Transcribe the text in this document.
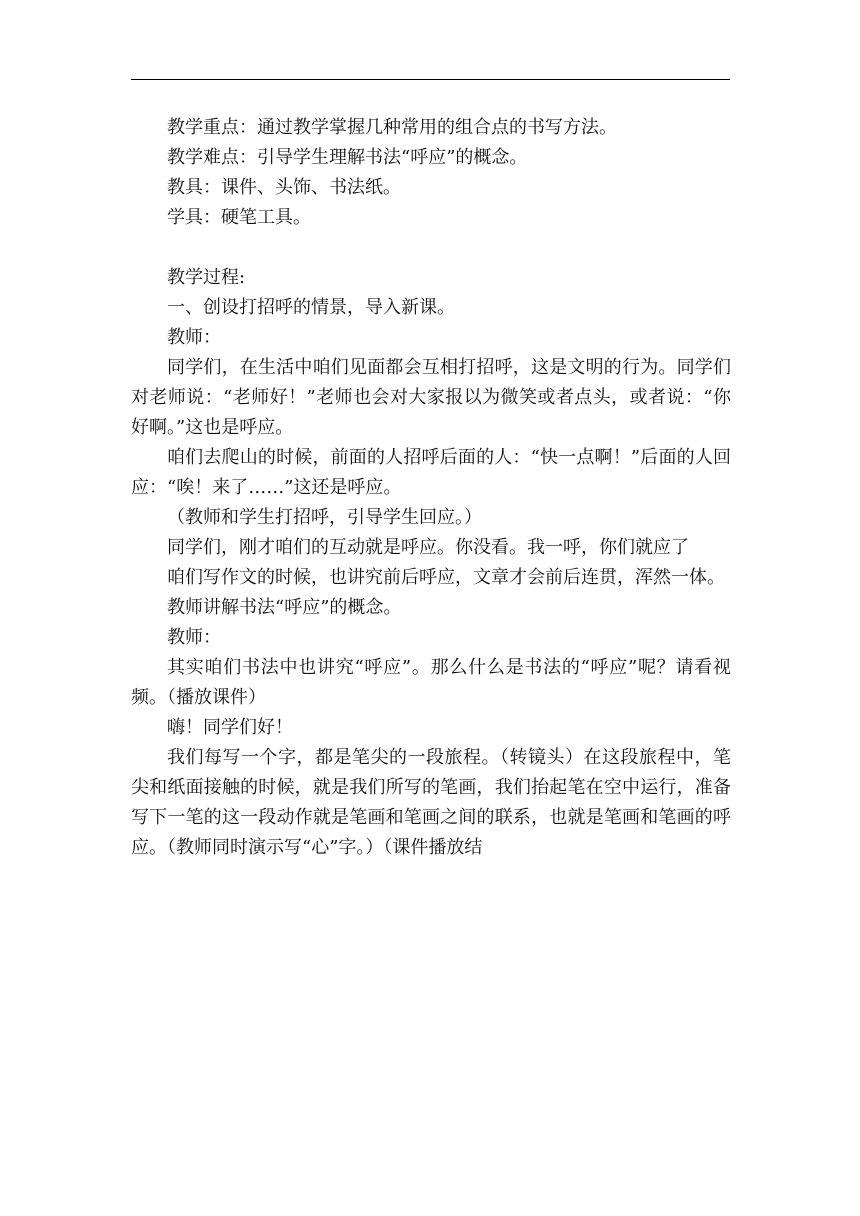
教学重点：通过教学掌握几种常用的组合点的书写方法。

教学难点：引导学生理解书法“呼应”的概念。

教具：课件、头饰、书法纸。

学具：硬笔工具。

教学过程:

一、创设打招呼的情景，导入新课。

教师：

同学们，在生活中咱们见面都会互相打招呼，这是文明的行为。同学们对老师说：“老师好！”老师也会对大家报以为微笑或者点头，或者说：“你好啊。”这也是呼应。

咱们去爬山的时候，前面的人招呼后面的人：“快一点啊！”后面的人回应：“唉！来了……”这还是呼应。

（教师和学生打招呼，引导学生回应。）

同学们，刚才咱们的互动就是呼应。你没看。我一呼，你们就应了

咱们写作文的时候，也讲究前后呼应，文章才会前后连贯，浑然一体。

教师讲解书法“呼应”的概念。

教师：

其实咱们书法中也讲究“呼应”。那么什么是书法的“呼应”呢？请看视频。（播放课件）

嗨！同学们好！

我们每写一个字，都是笔尖的一段旅程。（转镜头）在这段旅程中，笔尖和纸面接触的时候，就是我们所写的笔画，我们抬起笔在空中运行，准备写下一笔的这一段动作就是笔画和笔画之间的联系，也就是笔画和笔画的呼应。（教师同时演示写“心”字。）（课件播放结
